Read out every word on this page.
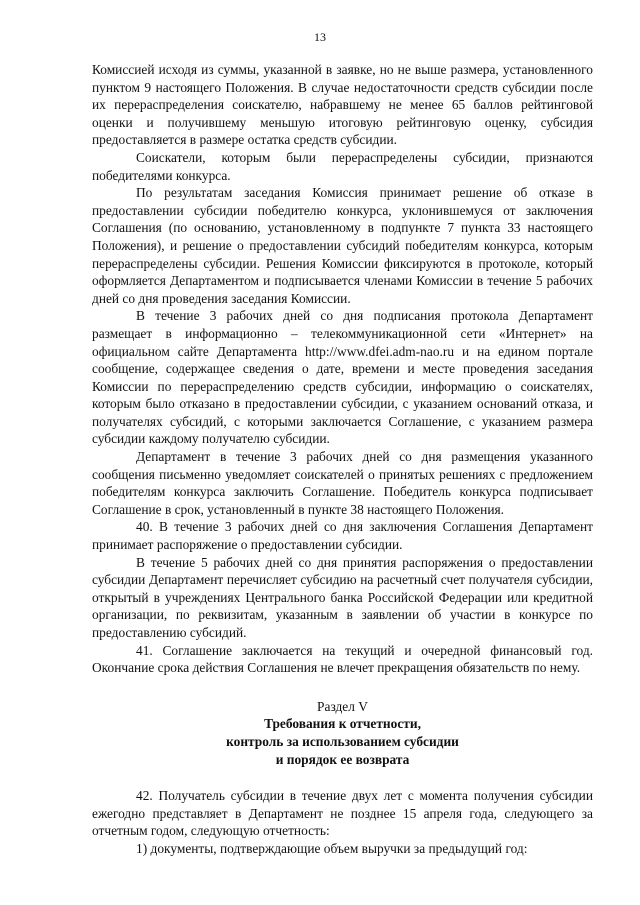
13

Комиссией исходя из суммы, указанной в заявке, но не выше размера, установленного пунктом 9 настоящего Положения. В случае недостаточности средств субсидии после их перераспределения соискателю, набравшему не менее 65 баллов рейтинговой оценки и получившему меньшую итоговую рейтинговую оценку, субсидия предоставляется в размере остатка средств субсидии.

Соискатели, которым были перераспределены субсидии, признаются победителями конкурса.

По результатам заседания Комиссия принимает решение об отказе в предоставлении субсидии победителю конкурса, уклонившемуся от заключения Соглашения (по основанию, установленному в подпункте 7 пункта 33 настоящего Положения), и решение о предоставлении субсидий победителям конкурса, которым перераспределены субсидии. Решения Комиссии фиксируются в протоколе, который оформляется Департаментом и подписывается членами Комиссии в течение 5 рабочих дней со дня проведения заседания Комиссии.

В течение 3 рабочих дней со дня подписания протокола Департамент размещает в информационно – телекоммуникационной сети «Интернет» на официальном сайте Департамента http://www.dfei.adm-nao.ru и на едином портале сообщение, содержащее сведения о дате, времени и месте проведения заседания Комиссии по перераспределению средств субсидии, информацию о соискателях, которым было отказано в предоставлении субсидии, с указанием оснований отказа, и получателях субсидий, с которыми заключается Соглашение, с указанием размера субсидии каждому получателю субсидии.

Департамент в течение 3 рабочих дней со дня размещения указанного сообщения письменно уведомляет соискателей о принятых решениях с предложением победителям конкурса заключить Соглашение. Победитель конкурса подписывает Соглашение в срок, установленный в пункте 38 настоящего Положения.

40. В течение 3 рабочих дней со дня заключения Соглашения Департамент принимает распоряжение о предоставлении субсидии.

В течение 5 рабочих дней со дня принятия распоряжения о предоставлении субсидии Департамент перечисляет субсидию на расчетный счет получателя субсидии, открытый в учреждениях Центрального банка Российской Федерации или кредитной организации, по реквизитам, указанным в заявлении об участии в конкурсе по предоставлению субсидий.

41. Соглашение заключается на текущий и очередной финансовый год. Окончание срока действия Соглашения не влечет прекращения обязательств по нему.

Раздел V
Требования к отчетности,
контроль за использованием субсидии
и порядок ее возврата

42. Получатель субсидии в течение двух лет с момента получения субсидии ежегодно представляет в Департамент не позднее 15 апреля года, следующего за отчетным годом, следующую отчетность:

1) документы, подтверждающие объем выручки за предыдущий год:
